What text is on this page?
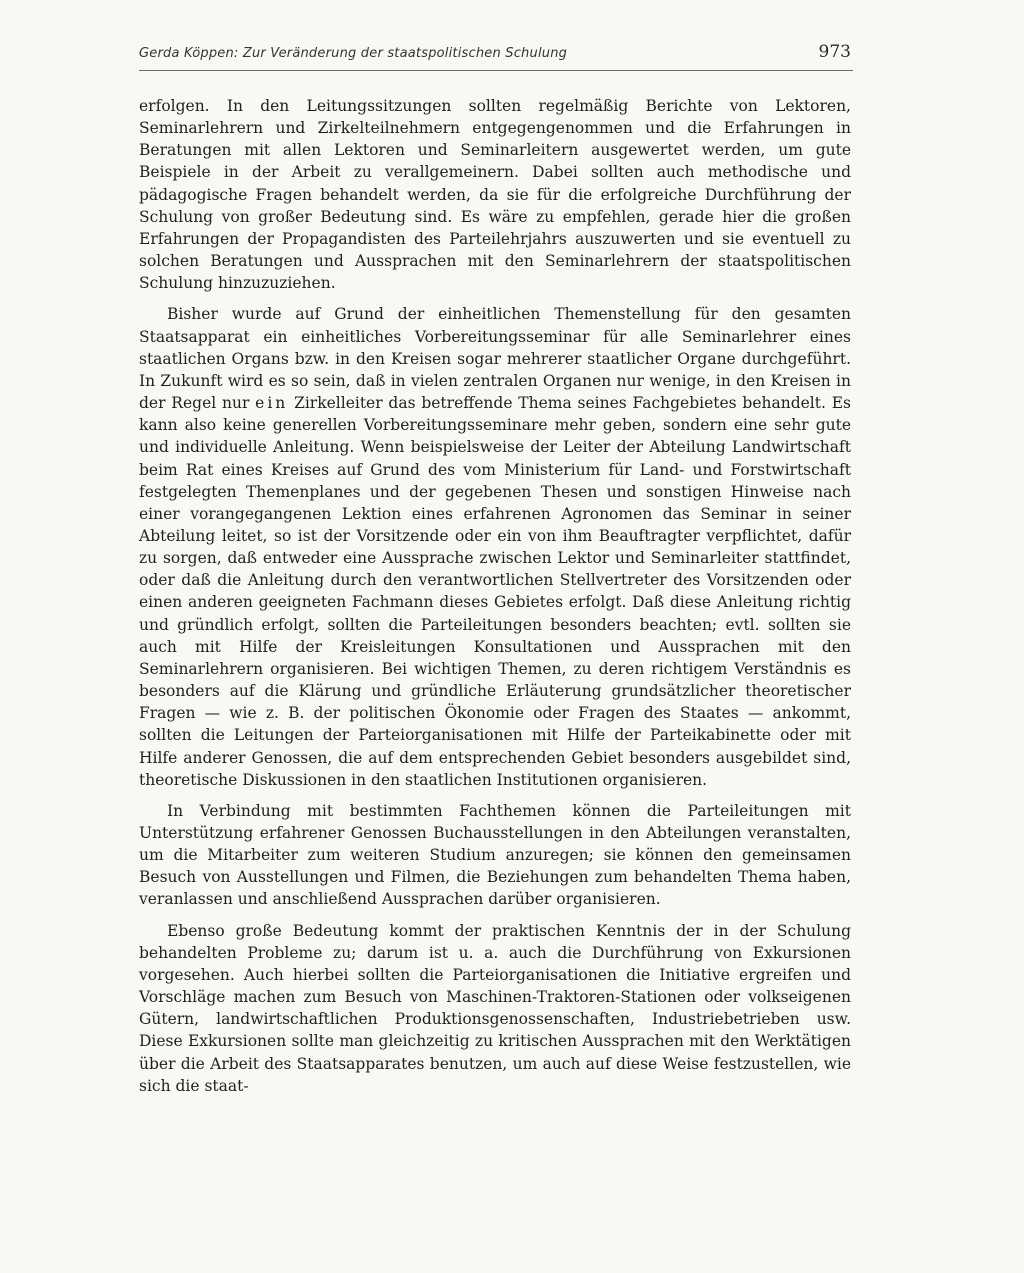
Gerda Köppen: Zur Veränderung der staatspolitischen Schulung	973

erfolgen. In den Leitungssitzungen sollten regelmäßig Berichte von Lektoren, Seminarlehrern und Zirkelteilnehmern entgegengenommen und die Erfahrungen in Beratungen mit allen Lektoren und Seminarleitern ausgewertet werden, um gute Beispiele in der Arbeit zu verallgemeinern. Dabei sollten auch methodische und pädagogische Fragen behandelt werden, da sie für die erfolgreiche Durchführung der Schulung von großer Bedeutung sind. Es wäre zu empfehlen, gerade hier die großen Erfahrungen der Propagandisten des Parteilehrjahrs auszuwerten und sie eventuell zu solchen Beratungen und Aussprachen mit den Seminarlehrern der staatspolitischen Schulung hinzuzuziehen.

Bisher wurde auf Grund der einheitlichen Themenstellung für den gesamten Staatsapparat ein einheitliches Vorbereitungsseminar für alle Seminarlehrer eines staatlichen Organs bzw. in den Kreisen sogar mehrerer staatlicher Organe durchgeführt. In Zukunft wird es so sein, daß in vielen zentralen Organen nur wenige, in den Kreisen in der Regel nur ein Zirkelleiter das betreffende Thema seines Fachgebietes behandelt. Es kann also keine generellen Vorbereitungsseminare mehr geben, sondern eine sehr gute und individuelle Anleitung. Wenn beispielsweise der Leiter der Abteilung Landwirtschaft beim Rat eines Kreises auf Grund des vom Ministerium für Land- und Forstwirtschaft festgelegten Themenplanes und der gegebenen Thesen und sonstigen Hinweise nach einer vorangegangenen Lektion eines erfahrenen Agronomen das Seminar in seiner Abteilung leitet, so ist der Vorsitzende oder ein von ihm Beauftragter verpflichtet, dafür zu sorgen, daß entweder eine Aussprache zwischen Lektor und Seminarleiter stattfindet, oder daß die Anleitung durch den verantwortlichen Stellvertreter des Vorsitzenden oder einen anderen geeigneten Fachmann dieses Gebietes erfolgt. Daß diese Anleitung richtig und gründlich erfolgt, sollten die Parteileitungen besonders beachten; evtl. sollten sie auch mit Hilfe der Kreisleitungen Konsultationen und Aussprachen mit den Seminarlehrern organisieren. Bei wichtigen Themen, zu deren richtigem Verständnis es besonders auf die Klärung und gründliche Erläuterung grundsätzlicher theoretischer Fragen — wie z. B. der politischen Ökonomie oder Fragen des Staates — ankommt, sollten die Leitungen der Parteiorganisationen mit Hilfe der Parteikabinette oder mit Hilfe anderer Genossen, die auf dem entsprechenden Gebiet besonders ausgebildet sind, theoretische Diskussionen in den staatlichen Institutionen organisieren.

In Verbindung mit bestimmten Fachthemen können die Parteileitungen mit Unterstützung erfahrener Genossen Buchausstellungen in den Abteilungen veranstalten, um die Mitarbeiter zum weiteren Studium anzuregen; sie können den gemeinsamen Besuch von Ausstellungen und Filmen, die Beziehungen zum behandelten Thema haben, veranlassen und anschließend Aussprachen darüber organisieren.

Ebenso große Bedeutung kommt der praktischen Kenntnis der in der Schulung behandelten Probleme zu; darum ist u. a. auch die Durchführung von Exkursionen vorgesehen. Auch hierbei sollten die Parteiorganisationen die Initiative ergreifen und Vorschläge machen zum Besuch von Maschinen-Traktoren-Stationen oder volkseigenen Gütern, landwirtschaftlichen Produktionsgenossenschaften, Industriebetrieben usw. Diese Exkursionen sollte man gleichzeitig zu kritischen Aussprachen mit den Werktätigen über die Arbeit des Staatsapparates benutzen, um auch auf diese Weise festzustellen, wie sich die staat-
